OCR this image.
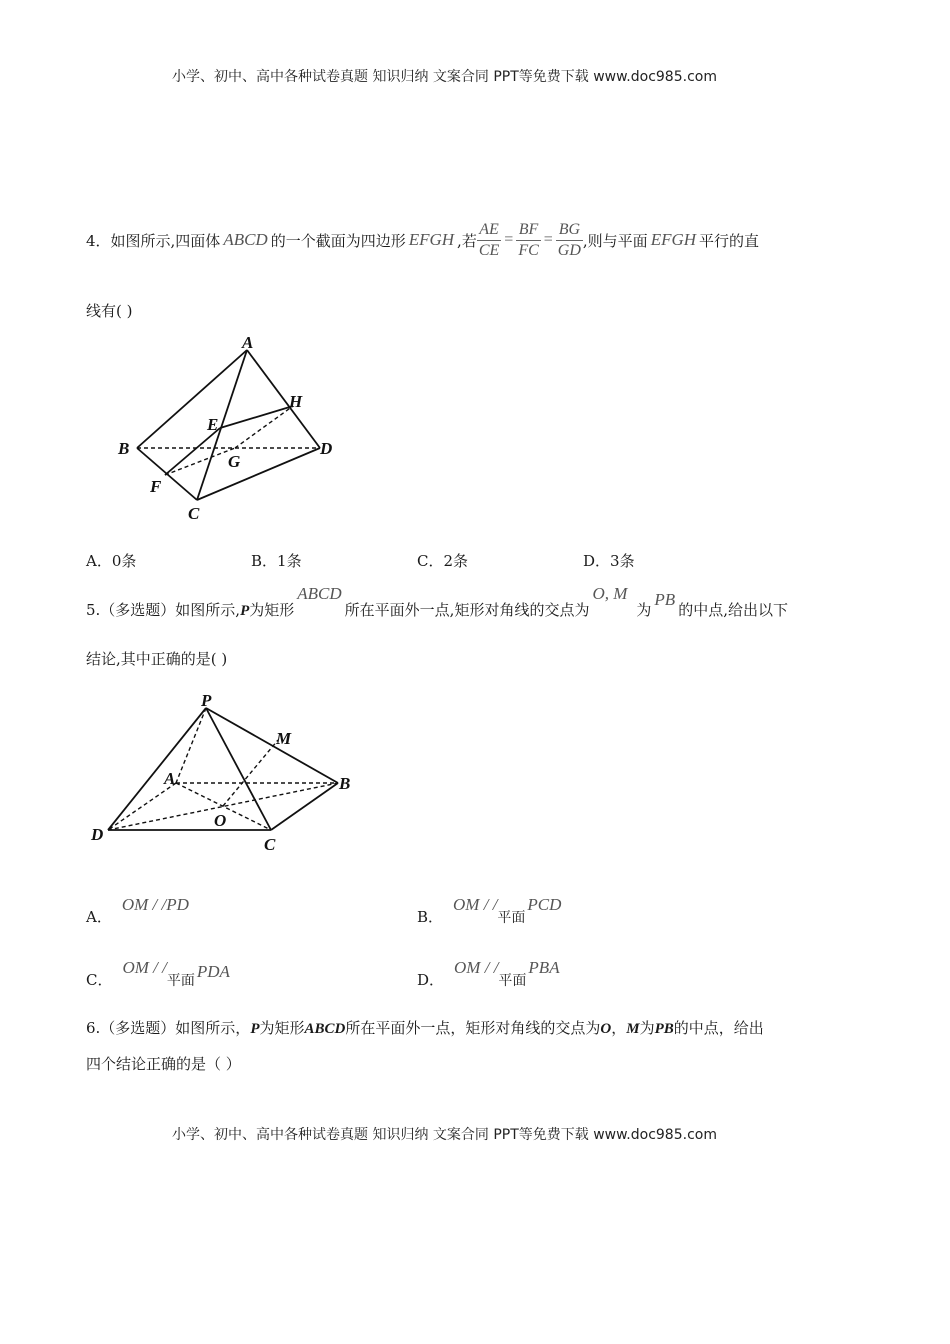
小学、初中、高中各种试卷真题 知识归纳 文案合同 PPT等免费下载 www.doc985.com
4．如图所示,四面体 ABCD 的一个截面为四边形 EFGH ,若 $\frac{AE}{CE} = \frac{BF}{FC} = \frac{BG}{GD}$ ,则与平面 EFGH 平行的直
线有( )
A
B
C
D
E
F
G
H
A．0条	B．1条	C．2条	D．3条
5.（多选题）如图所示, P 为矩形
ABCD
所在平面外一点,矩形对角线的交点为
O, M
为
PB
的中点,给出以下
结论,其中正确的是( )
P
M
A	B
O
D
C
A．
OM / /PD
B．
OM / /
平面
PCD
C．
OM / /
平面 PDA	D．
OM / /
平面
PBA
6.（多选题）如图所示，P为矩形ABCD所在平面外一点，矩形对角线的交点为O，M为PB的中点，给出
四个结论正确的是（ ）
小学、初中、高中各种试卷真题 知识归纳 文案合同 PPT等免费下载 www.doc985.com
